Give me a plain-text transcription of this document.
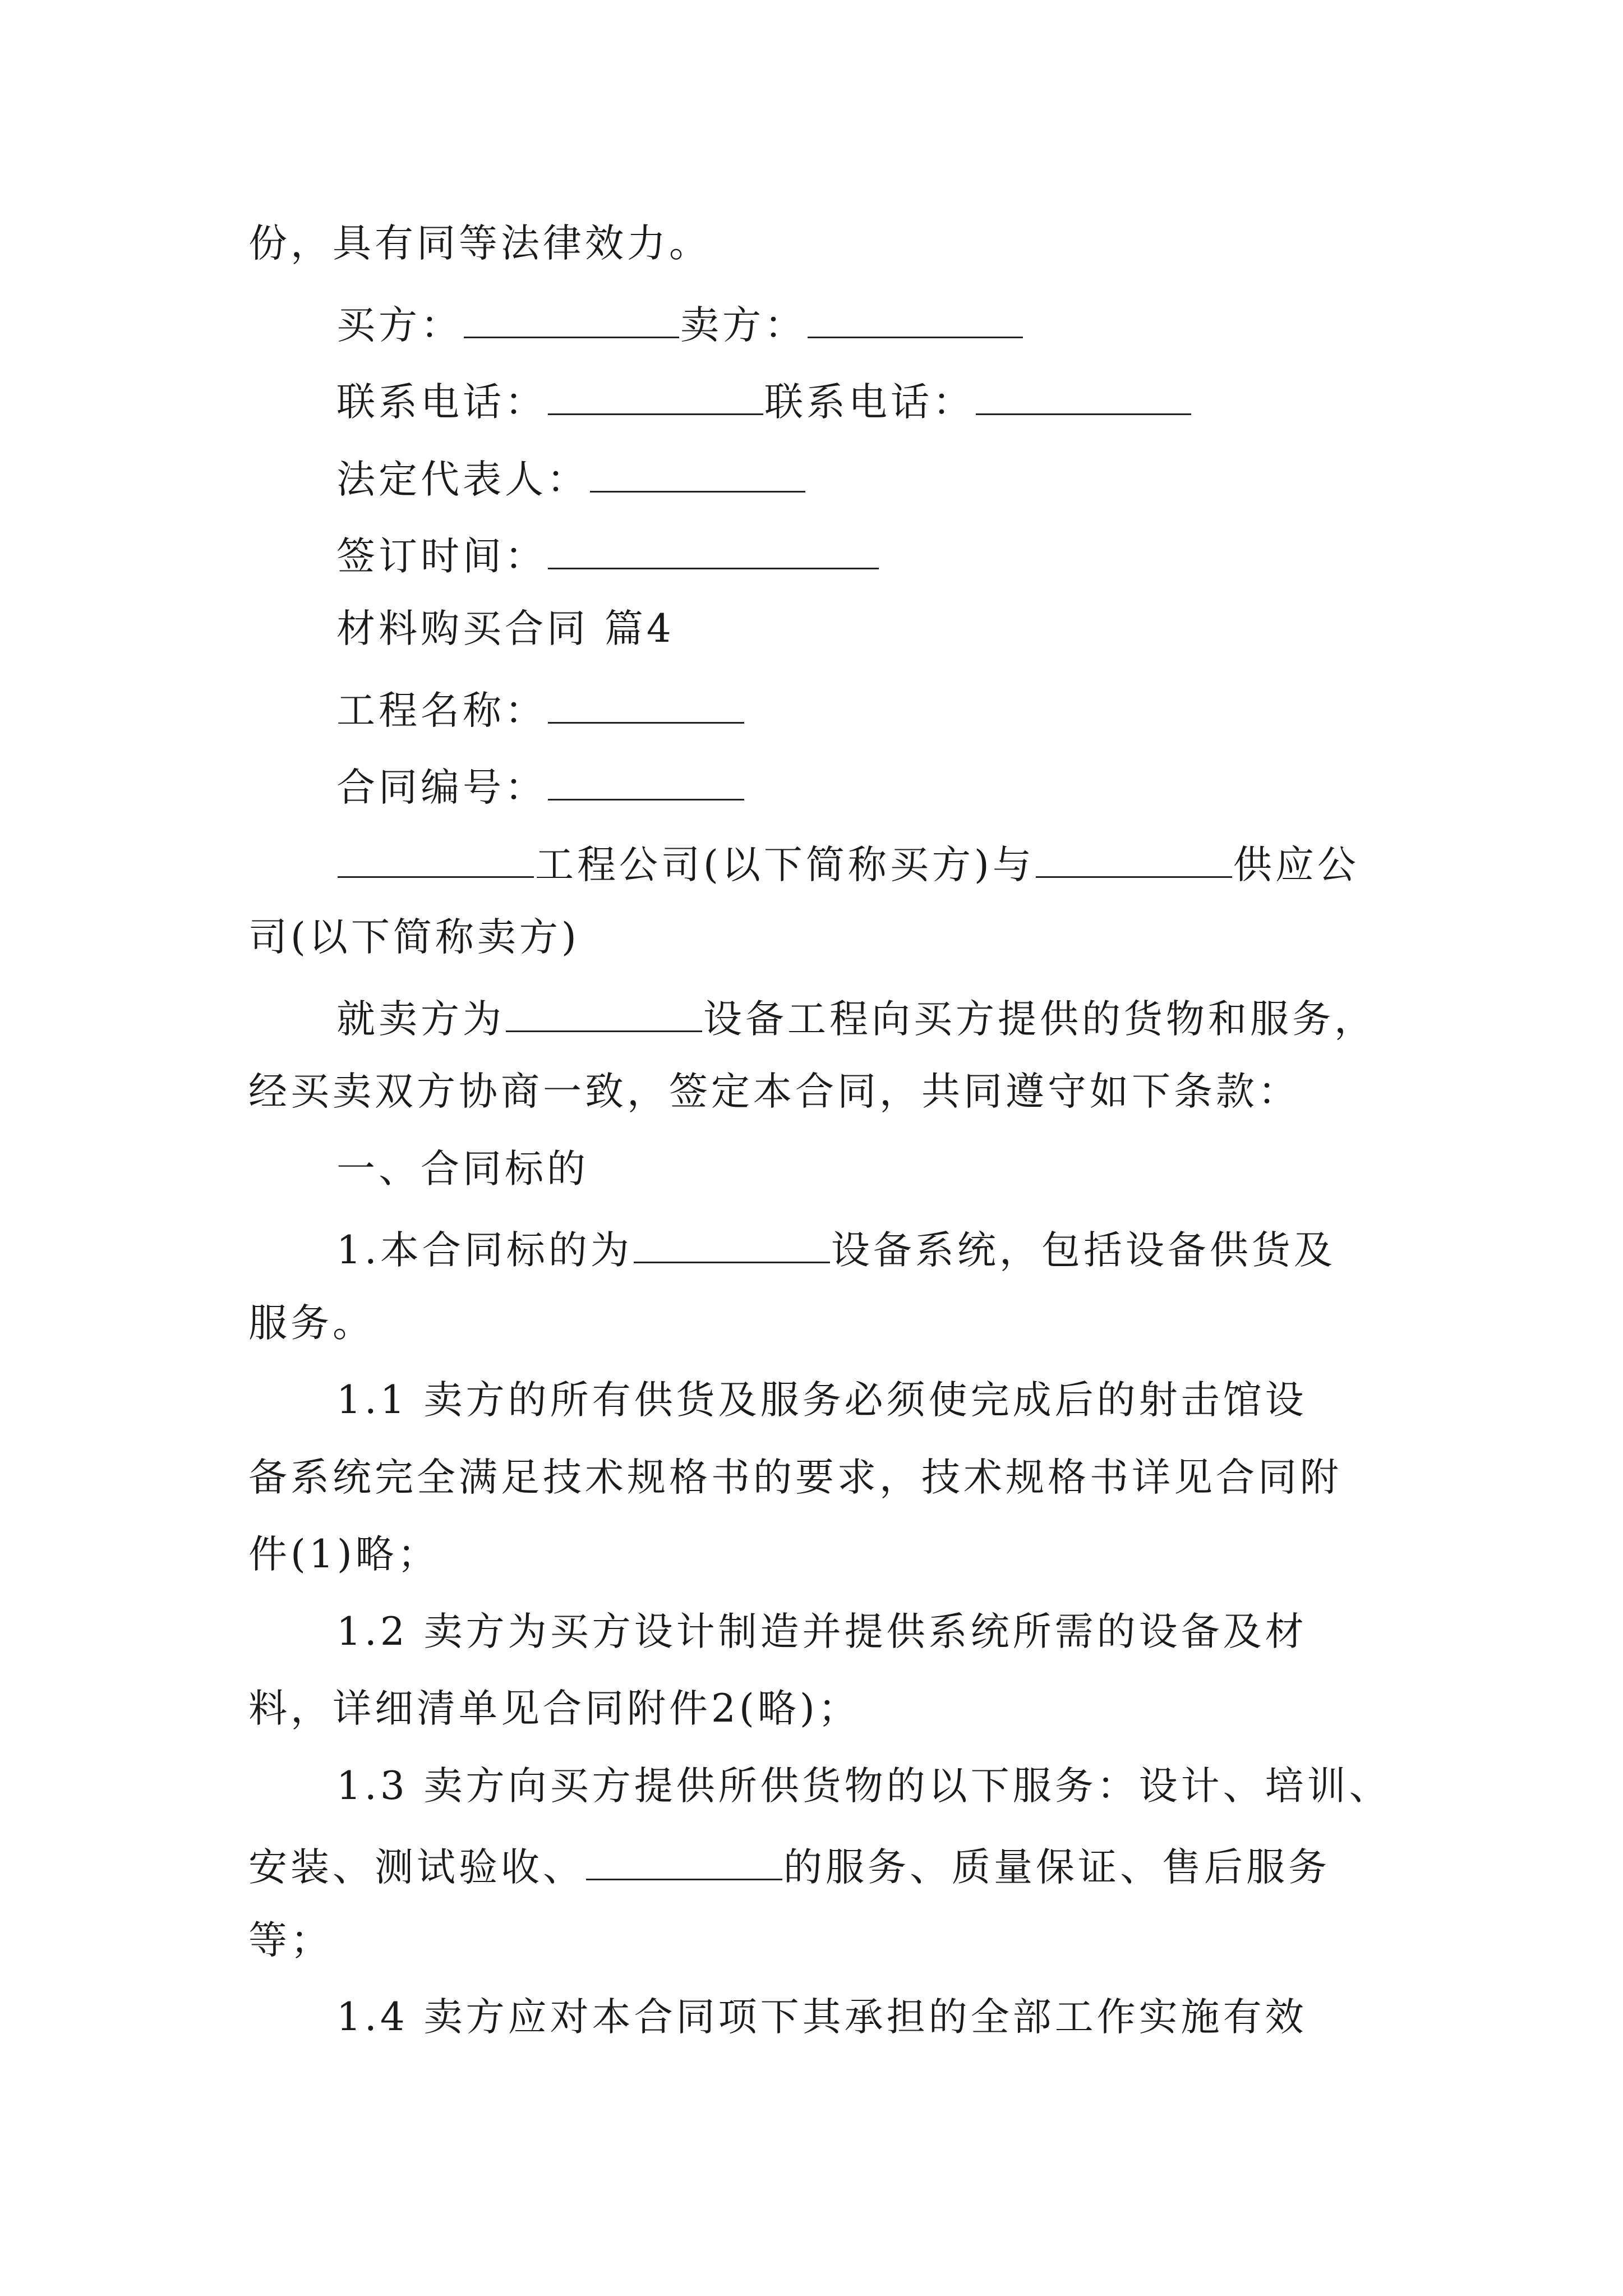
份，具有同等法律效力。
买方：	卖方：
联系电话：	联系电话：
法定代表人：
签订时间：
材料购买合同 篇4
工程名称：
合同编号：
工程公司(以下简称买方)与	供应公
司(以下简称卖方)
就卖方为	设备工程向买方提供的货物和服务，
经买卖双方协商一致，签定本合同，共同遵守如下条款：
一、合同标的
1.本合同标的为	设备系统，包括设备供货及
服务。
1.1 卖方的所有供货及服务必须使完成后的射击馆设
备系统完全满足技术规格书的要求，技术规格书详见合同附
件(1)略；
1.2 卖方为买方设计制造并提供系统所需的设备及材
料，详细清单见合同附件2(略)；
1.3 卖方向买方提供所供货物的以下服务：设计、培训、
安装、测试验收、	的服务、质量保证、售后服务
等；
1.4 卖方应对本合同项下其承担的全部工作实施有效
